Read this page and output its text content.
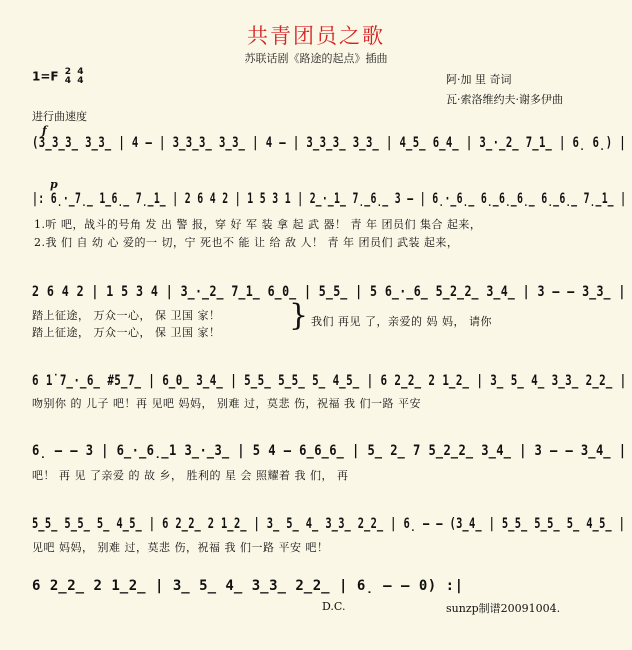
共青团员之歌
苏联话剧《路途的起点》插曲
1=F 2
4

4
4	阿·加 里 奇词
瓦·索洛维约夫·谢多伊曲
进行曲速度
f
p
(3̲3̲3̲ 3̲3̲ | 4 – | 3̲3̲3̲ 3̲3̲ | 4 – | 3̲3̲3̲ 3̲3̲ | 4̲5̲ 6̲4̲ | 3̲·̲2̲ 7̲1̲ | 6̣ 6̣) |
|: 6̣·̲7̣̲ 1̲6̣̲ 7̣̲1̲ | 2 6 4 2 | 1 5 3 1 | 2̲·̲1̲ 7̣̲6̣̲ 3 – | 6̣·̲6̣̲ 6̣̲6̣̲6̣̲ 6̣̲6̣̲ 7̣̲1̲ |
1.听 吧，战斗的号角 发 出 警 报，穿 好 军 装 拿 起 武 器！ 青 年 团员们 集合 起来，
2.我 们 自 幼 心 爱的一 切，宁 死也不 能 让 给 敌 人！ 青 年 团员们 武装 起来，
2 6 4 2 | 1 5 3 4 | 3̲·̲2̲ 7̲1̲ 6̲0̲ | 5̲5̲ | 5 6̲·̲6̲ 5̲2̲2̲ 3̲4̲ | 3 – – 3̲3̲ |
踏上征途， 万众一心， 保 卫国 家！
踏上征途， 万众一心， 保 卫国 家！ } 我们 再见 了，亲爱的 妈 妈， 请你
6 1̇ 7̲·̲6̲ #5̲7̲ | 6̲0̲ 3̲4̲ | 5̲5̲ 5̲5̲ 5̲ 4̲5̲ | 6 2̲2̲ 2 1̲2̲ | 3̲ 5̲ 4̲ 3̲3̲ 2̲2̲ |
吻别你 的 儿子 吧！再 见吧 妈妈， 别难 过，莫悲 伤，祝福 我 们一路 平安
6̣ – – 3 | 6̲·̲6̣̲1 3̲·̲3̲ | 5 4 – 6̲6̲6̲ | 5̲ 2̲ 7 5̲2̲2̲ 3̲4̲ | 3 – – 3̲4̲ |
吧！ 再 见 了亲爱 的 故 乡， 胜利的 星 会 照耀着 我 们， 再
5̲5̲ 5̲5̲ 5̲ 4̲5̲ | 6 2̲2̲ 2 1̲2̲ | 3̲ 5̲ 4̲ 3̲3̲ 2̲2̲ | 6̣ – – (3̲4̲ | 5̲5̲ 5̲5̲ 5̲ 4̲5̲ |
见吧 妈妈， 别难 过，莫悲 伤，祝福 我 们一路 平安 吧！
6 2̲2̲ 2 1̲2̲ | 3̲ 5̲ 4̲ 3̲3̲ 2̲2̲ | 6̣ – – 0) :|
D.C.	sunzp制谱20091004.
